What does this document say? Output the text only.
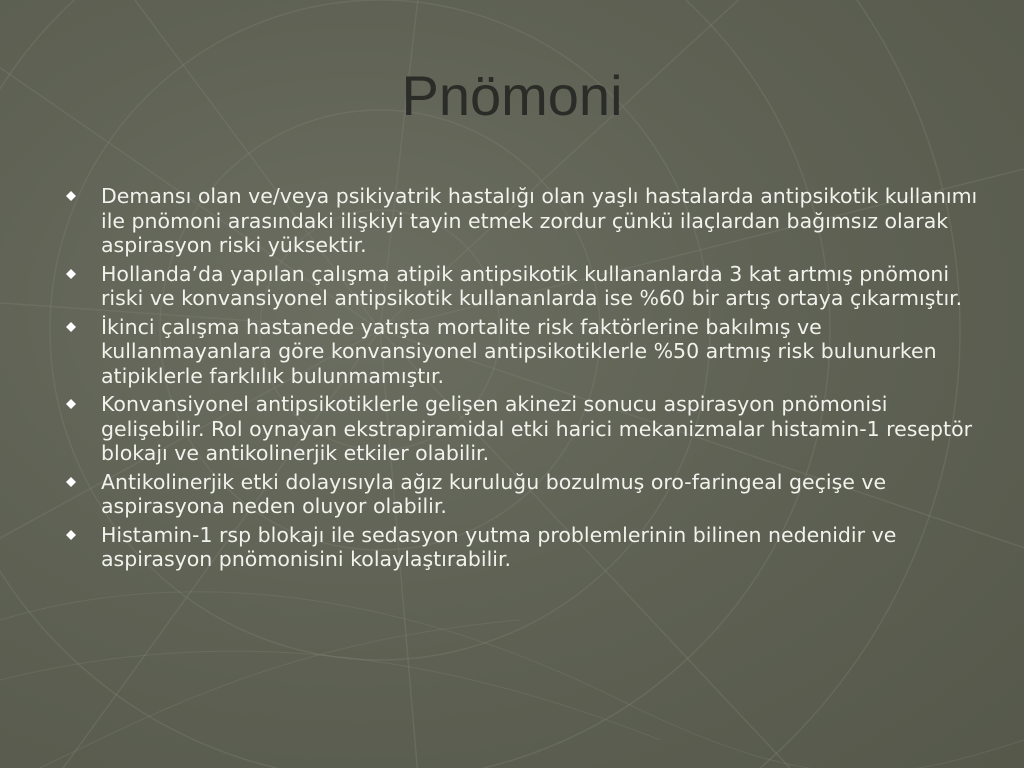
Pnömoni
Demansı olan ve/veya psikiyatrik hastalığı olan yaşlı hastalarda antipsikotik kullanımı ile pnömoni arasındaki ilişkiyi tayin etmek zordur çünkü ilaçlardan bağımsız olarak aspirasyon riski yüksektir.
Hollanda’da yapılan çalışma atipik antipsikotik kullananlarda 3 kat artmış pnömoni riski ve konvansiyonel antipsikotik kullananlarda ise %60 bir artış ortaya çıkarmıştır.
İkinci çalışma hastanede yatışta mortalite risk faktörlerine bakılmış ve kullanmayanlara göre konvansiyonel antipsikotiklerle %50 artmış risk bulunurken atipiklerle farklılık bulunmamıştır.
Konvansiyonel antipsikotiklerle gelişen akinezi sonucu aspirasyon pnömonisi gelişebilir. Rol oynayan ekstrapiramidal etki harici mekanizmalar histamin-1 reseptör blokajı ve antikolinerjik etkiler olabilir.
Antikolinerjik etki dolayısıyla ağız kuruluğu bozulmuş oro-faringeal geçişe ve aspirasyona neden oluyor olabilir.
Histamin-1 rsp blokajı ile sedasyon yutma problemlerinin bilinen nedenidir ve aspirasyon pnömonisini kolaylaştırabilir.
